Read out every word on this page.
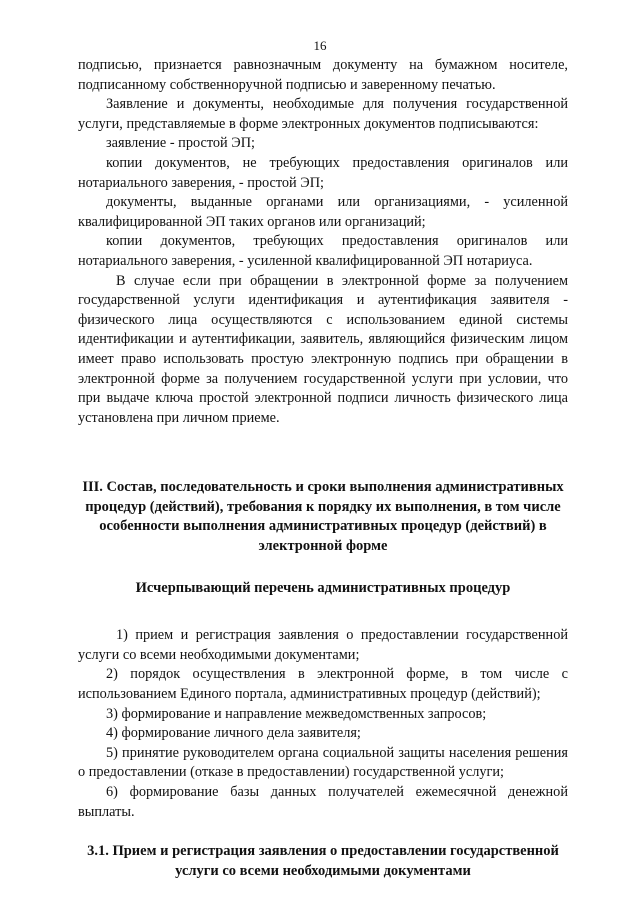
16

подписью, признается равнозначным документу на бумажном носителе, подписанному собственноручной подписью и заверенному печатью.

Заявление и документы, необходимые для получения государственной услуги, представляемые в форме электронных документов подписываются:

заявление - простой ЭП;

копии документов, не требующих предоставления оригиналов или нотариального заверения, - простой ЭП;

документы, выданные органами или организациями, - усиленной квалифицированной ЭП таких органов или организаций;

копии документов, требующих предоставления оригиналов или нотариального заверения, - усиленной квалифицированной ЭП нотариуса.

В случае если при обращении в электронной форме за получением государственной услуги идентификация и аутентификация заявителя - физического лица осуществляются с использованием единой системы идентификации и аутентификации, заявитель, являющийся физическим лицом имеет право использовать простую электронную подпись при обращении в электронной форме за получением государственной услуги при условии, что при выдаче ключа простой электронной подписи личность физического лица установлена при личном приеме.

III. Состав, последовательность и сроки выполнения административных процедур (действий), требования к порядку их выполнения, в том числе особенности выполнения административных процедур (действий) в электронной форме

Исчерпывающий перечень административных процедур

1) прием и регистрация заявления о предоставлении государственной услуги со всеми необходимыми документами;

2) порядок осуществления в электронной форме, в том числе с использованием Единого портала, административных процедур (действий);

3) формирование и направление межведомственных запросов;

4) формирование личного дела заявителя;

5) принятие руководителем органа социальной защиты населения решения о предоставлении (отказе в предоставлении) государственной услуги;

6) формирование базы данных получателей ежемесячной денежной выплаты.

3.1. Прием и регистрация заявления о предоставлении государственной услуги со всеми необходимыми документами
